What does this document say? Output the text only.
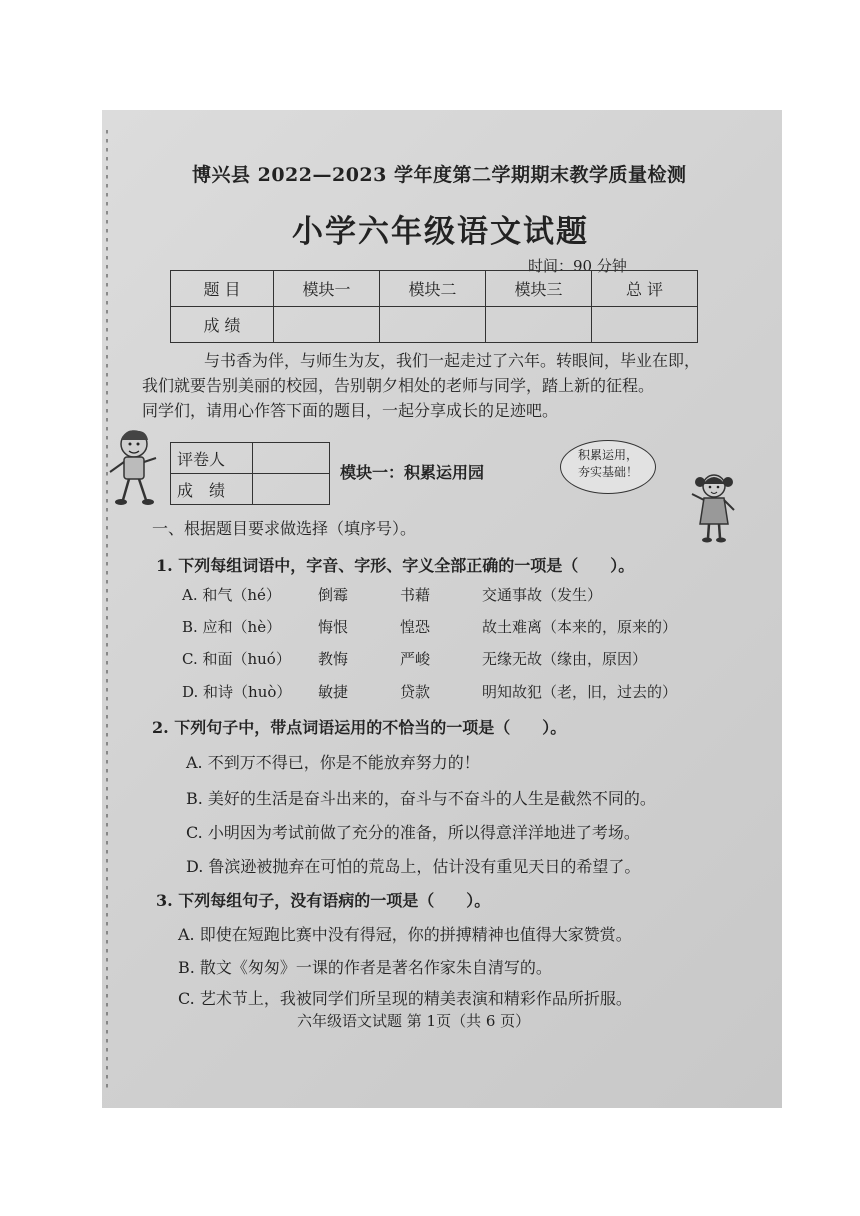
博兴县 2022—2023 学年度第二学期期末教学质量检测
小学六年级语文试题
时间：90 分钟
题 目	模块一	模块二	模块三	总 评
成 绩				

与书香为伴，与师生为友，我们一起走过了六年。转眼间，毕业在即，

我们就要告别美丽的校园，告别朝夕相处的老师与同学，踏上新的征程。

同学们，请用心作答下面的题目，一起分享成长的足迹吧。

评卷人	
成　绩	
模块一：积累运用园
积累运用，
夯实基础！
一、根据题目要求做选择（填序号）。
1. 下列每组词语中，字音、字形、字义全部正确的一项是（　　）。
A. 和气（hé） 倒霉	书藉	交通事故（发生）
B. 应和（hè） 悔恨	惶恐	故土难离（本来的，原来的）
C. 和面（huó） 教悔	严峻	无缘无故（缘由，原因）
D. 和诗（huò） 敏捷	贷款	明知故犯（老，旧，过去的）
2. 下列句子中，带点词语运用的不恰当的一项是（　　）。
A. 不到万不得已，你是不能放弃努力的！
B. 美好的生活是奋斗出来的，奋斗与不奋斗的人生是截然不同的。
C. 小明因为考试前做了充分的准备，所以得意洋洋地进了考场。
D. 鲁滨逊被抛弃在可怕的荒岛上，估计没有重见天日的希望了。
3. 下列每组句子，没有语病的一项是（　　）。
A. 即使在短跑比赛中没有得冠，你的拼搏精神也值得大家赞赏。
B. 散文《匆匆》一课的作者是著名作家朱自清写的。
C. 艺术节上，我被同学们所呈现的精美表演和精彩作品所折服。
六年级语文试题 第 1页（共 6 页）
